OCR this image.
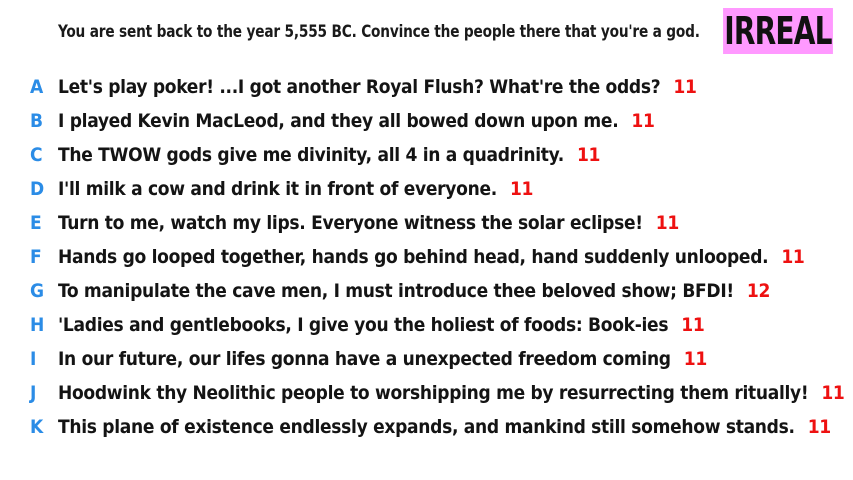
You are sent back to the year 5,555 BC. Convince the people there that you're a god. IRREAL
A Let's play poker! ...I got another Royal Flush? What're the odds? 11
B I played Kevin MacLeod, and they all bowed down upon me. 11
C The TWOW gods give me divinity, all 4 in a quadrinity. 11
D I'll milk a cow and drink it in front of everyone. 11
E Turn to me, watch my lips. Everyone witness the solar eclipse! 11
F Hands go looped together, hands go behind head, hand suddenly unlooped. 11
G To manipulate the cave men, I must introduce thee beloved show; BFDI! 12
H 'Ladies and gentlebooks, I give you the holiest of foods: Book-ies 11
I	In our future, our lifes gonna have a unexpected freedom coming 11
J	Hoodwink thy Neolithic people to worshipping me by resurrecting them ritually! 11
K This plane of existence endlessly expands, and mankind still somehow stands. 11
